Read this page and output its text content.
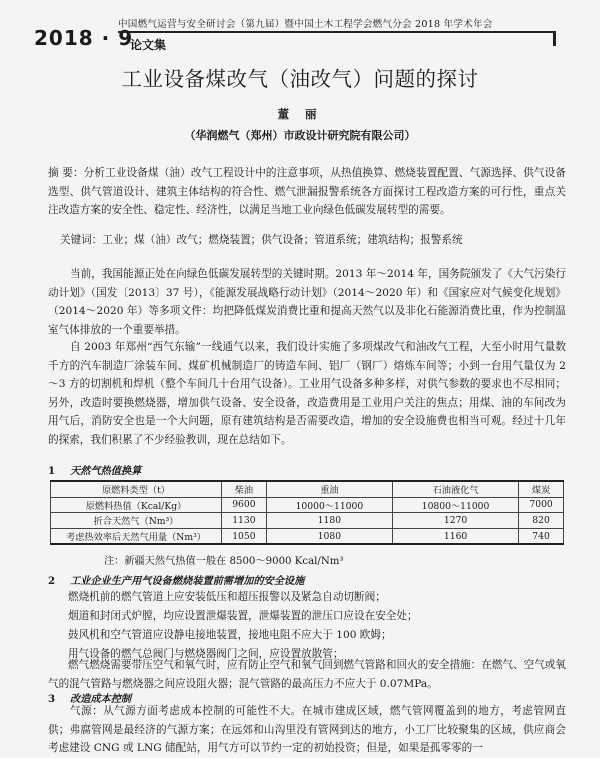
中国燃气运营与安全研讨会（第九届）暨中国土木工程学会燃气分会 2018 年学术年会
2018 · 9
论文集
工业设备煤改气（油改气）问题的探讨
董 丽
（华润燃气（郑州）市政设计研究院有限公司）

摘 要：分析工业设备煤（油）改气工程设计中的注意事项，从热值换算、燃烧装置配置、气源选择、供气设备选型、供气管道设计、建筑主体结构的符合性、燃气泄漏报警系统各方面探讨工程改造方案的可行性，重点关注改造方案的安全性、稳定性、经济性，以满足当地工业向绿色低碳发展转型的需要。

关键词：工业；煤（油）改气；燃烧装置；供气设备；管道系统；建筑结构；报警系统

当前，我国能源正处在向绿色低碳发展转型的关键时期。2013 年～2014 年，国务院颁发了《大气污染行动计划》（国发〔2013〕37 号），《能源发展战略行动计划》（2014～2020 年）和《国家应对气候变化规划》（2014～2020 年）等多项文件：均把降低煤炭消费比重和提高天然气以及非化石能源消费比重，作为控制温室气体排放的一个重要举措。

自 2003 年郑州“西气东输”一线通气以来，我们设计实施了多项煤改气和油改气工程，大至小时用气量数千方的汽车制造厂涂装车间、煤矿机械制造厂的铸造车间、铝厂（钢厂）熔炼车间等；小到一台用气量仅为 2～3 方的切割机和焊机（整个车间几十台用气设备）。工业用气设备多种多样，对供气参数的要求也不尽相同；另外，改造时要换燃烧器，增加供气设备、安全设备，改造费用是工业用户关注的焦点；用煤、油的车间改为用气后，消防安全也是一个大问题，原有建筑结构是否需要改造，增加的安全设施费也相当可观。经过十几年的探索，我们积累了不少经验教训，现在总结如下。

1 天然气热值换算
原燃料类型（t）	柴油	重油	石油液化气	煤炭
原燃料热值（Kcal/Kg）	9600	10000～11000	10800～11000	7000
折合天然气（Nm³）	1130	1180	1270	820
考虑热效率后天然气用量（Nm³）	1050	1080	1160	740
注：新疆天然气热值一般在 8500～9000 Kcal/Nm³
2 工业企业生产用气设备燃烧装置前需增加的安全设施
燃烧机前的燃气管道上应安装低压和超压报警以及紧急自动切断阀；
烟道和封闭式炉膛，均应设置泄爆装置，泄爆装置的泄压口应设在安全处；
鼓风机和空气管道应设静电接地装置，接地电阻不应大于 100 欧姆；
用气设备的燃气总阀门与燃烧器阀门之间，应设置放散管；

燃气燃烧需要带压空气和氧气时，应有防止空气和氧气回到燃气管路和回火的安全措施：在燃气、空气或氧气的混气管路与燃烧器之间应设阻火器；混气管路的最高压力不应大于 0.07MPa。

3 改造成本控制

气源：从气源方面考虑成本控制的可能性不大。在城市建成区域，燃气管网覆盖到的地方，考虑管网直供；弗腐管网是最经济的气源方案；在远郊和山沟里没有管网到达的地方，小工厂比较聚集的区域，供应商会考虑建设 CNG 或 LNG 储配站，用气方可以节约一定的初始投资；但是，如果是孤零零的一
